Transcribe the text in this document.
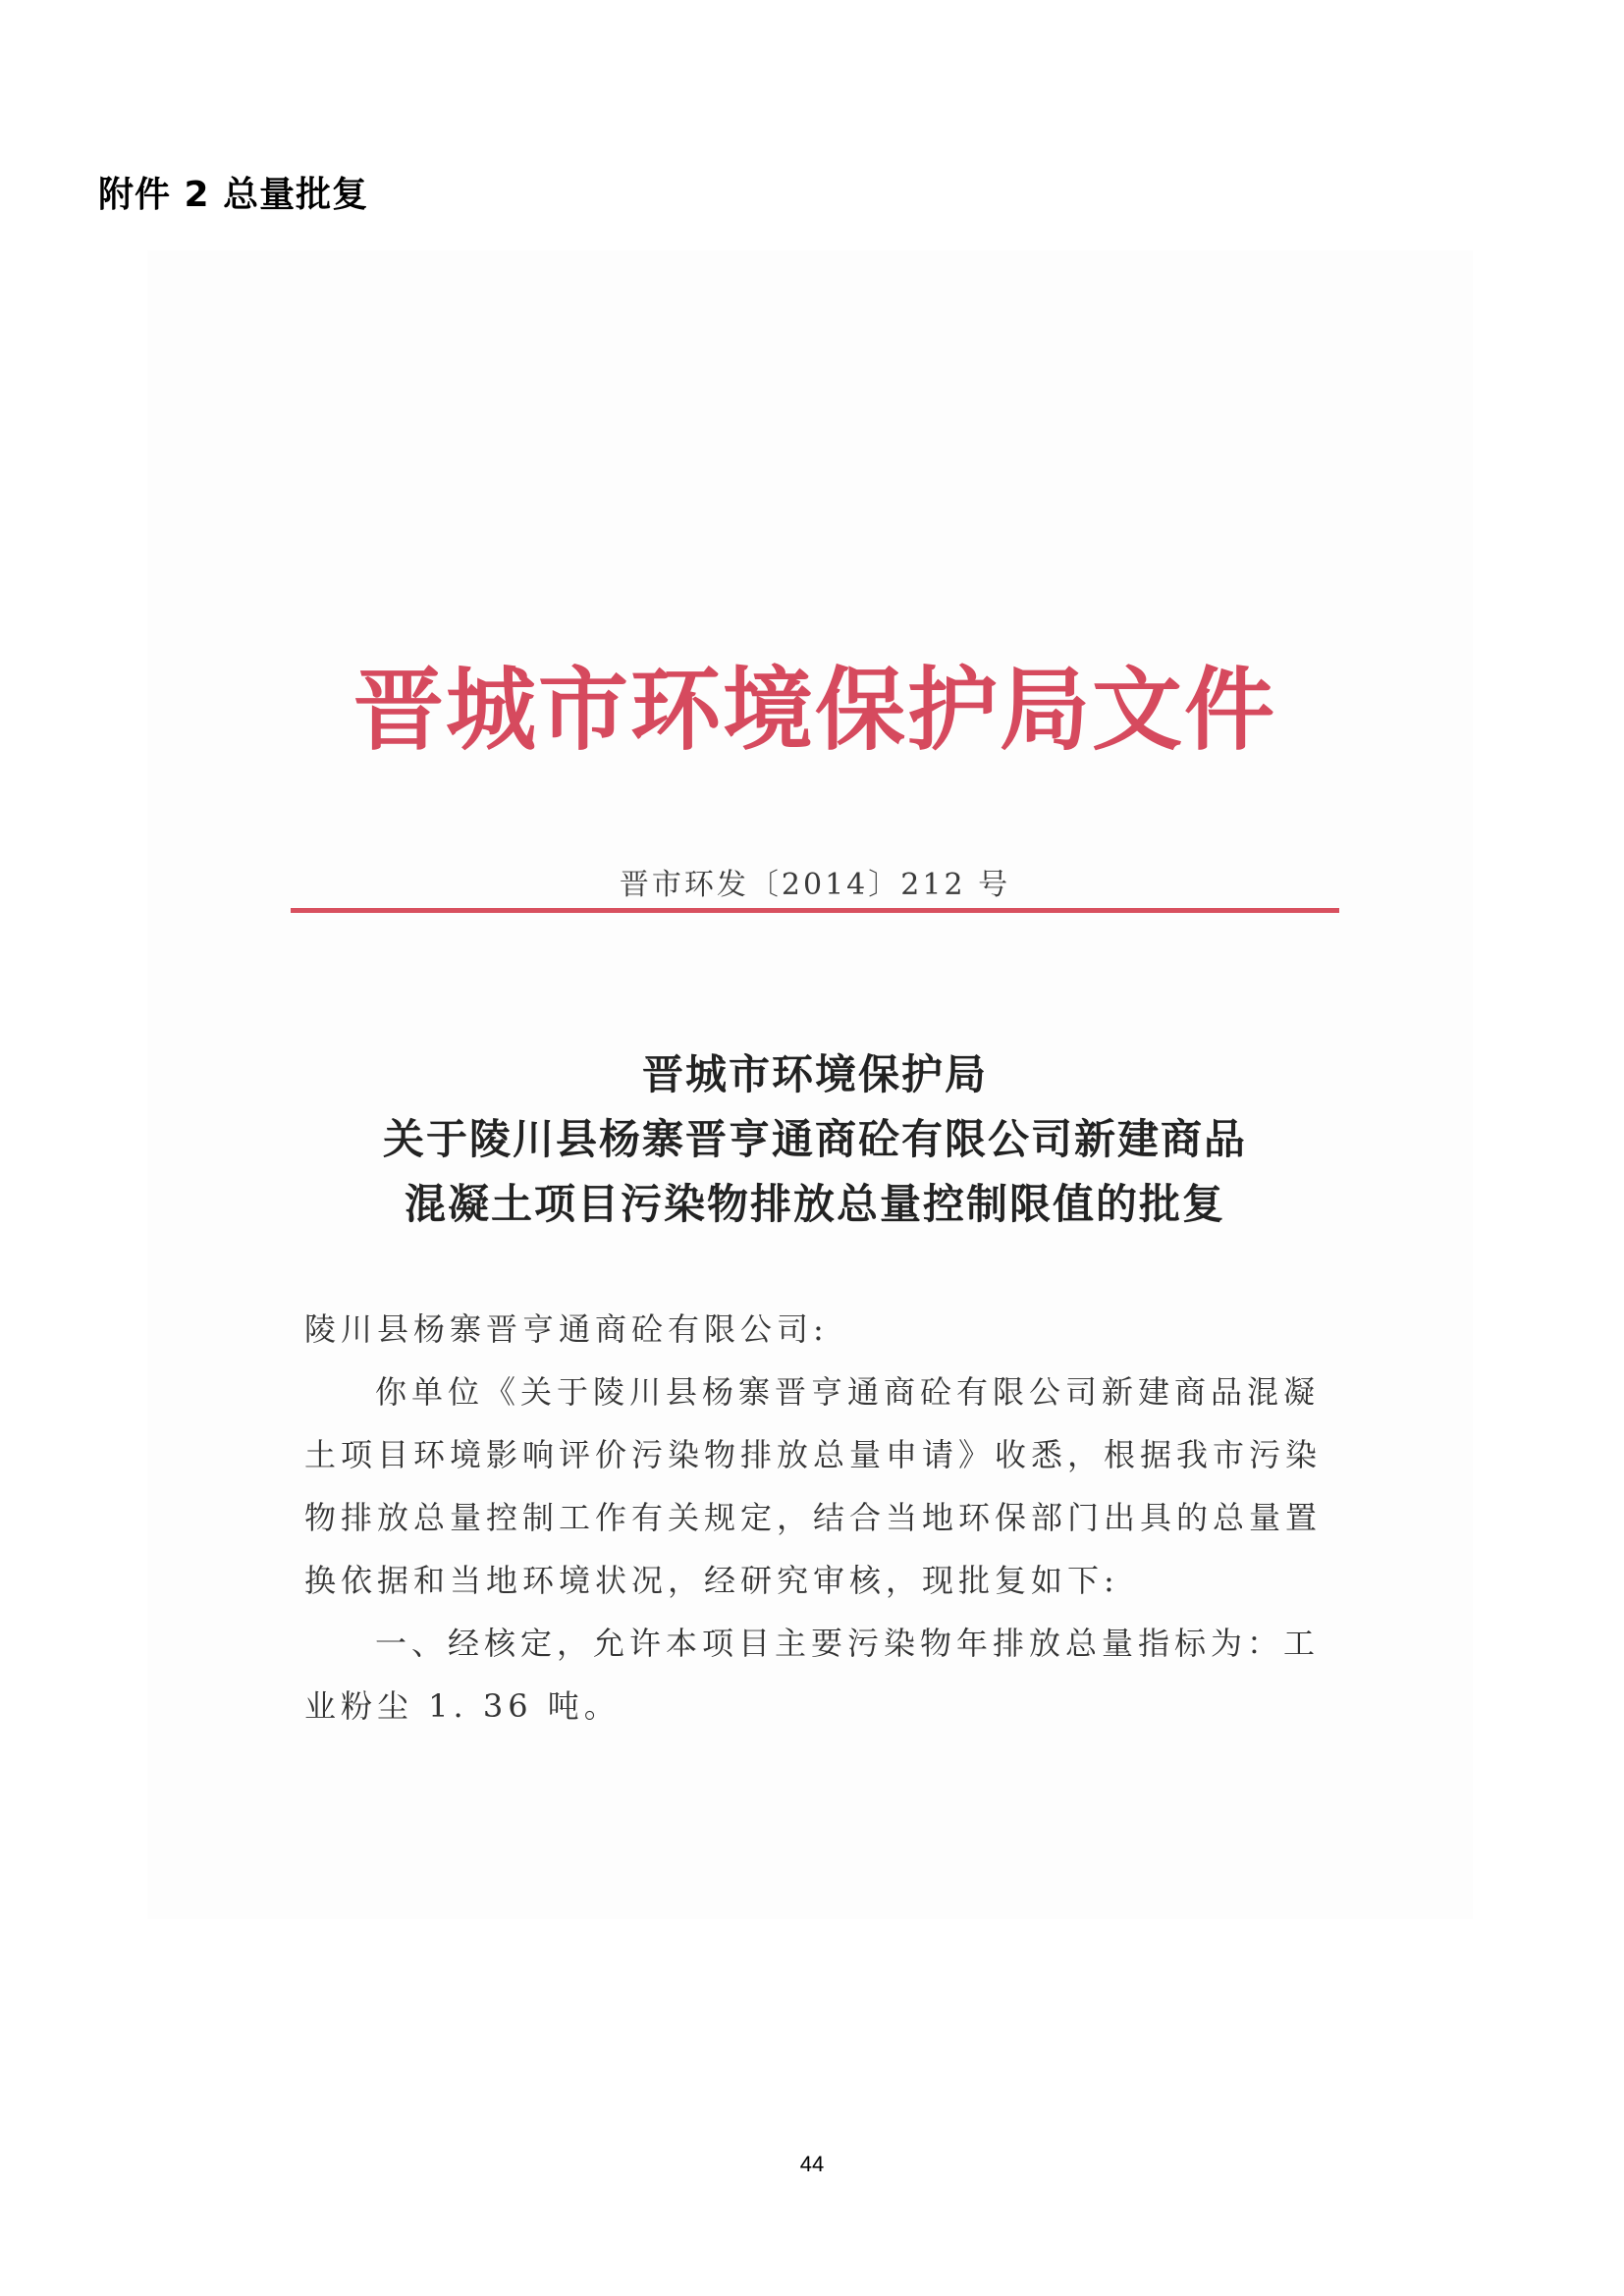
附件 2 总量批复
晋城市环境保护局文件
晋市环发〔2014〕212 号
晋城市环境保护局
关于陵川县杨寨晋亨通商砼有限公司新建商品
混凝土项目污染物排放总量控制限值的批复
陵川县杨寨晋亨通商砼有限公司:
你单位《关于陵川县杨寨晋亨通商砼有限公司新建商品混凝
土项目环境影响评价污染物排放总量申请》收悉，根据我市污染
物排放总量控制工作有关规定，结合当地环保部门出具的总量置
换依据和当地环境状况，经研究审核，现批复如下:
一、经核定，允许本项目主要污染物年排放总量指标为：工
业粉尘 1. 36 吨。
44
